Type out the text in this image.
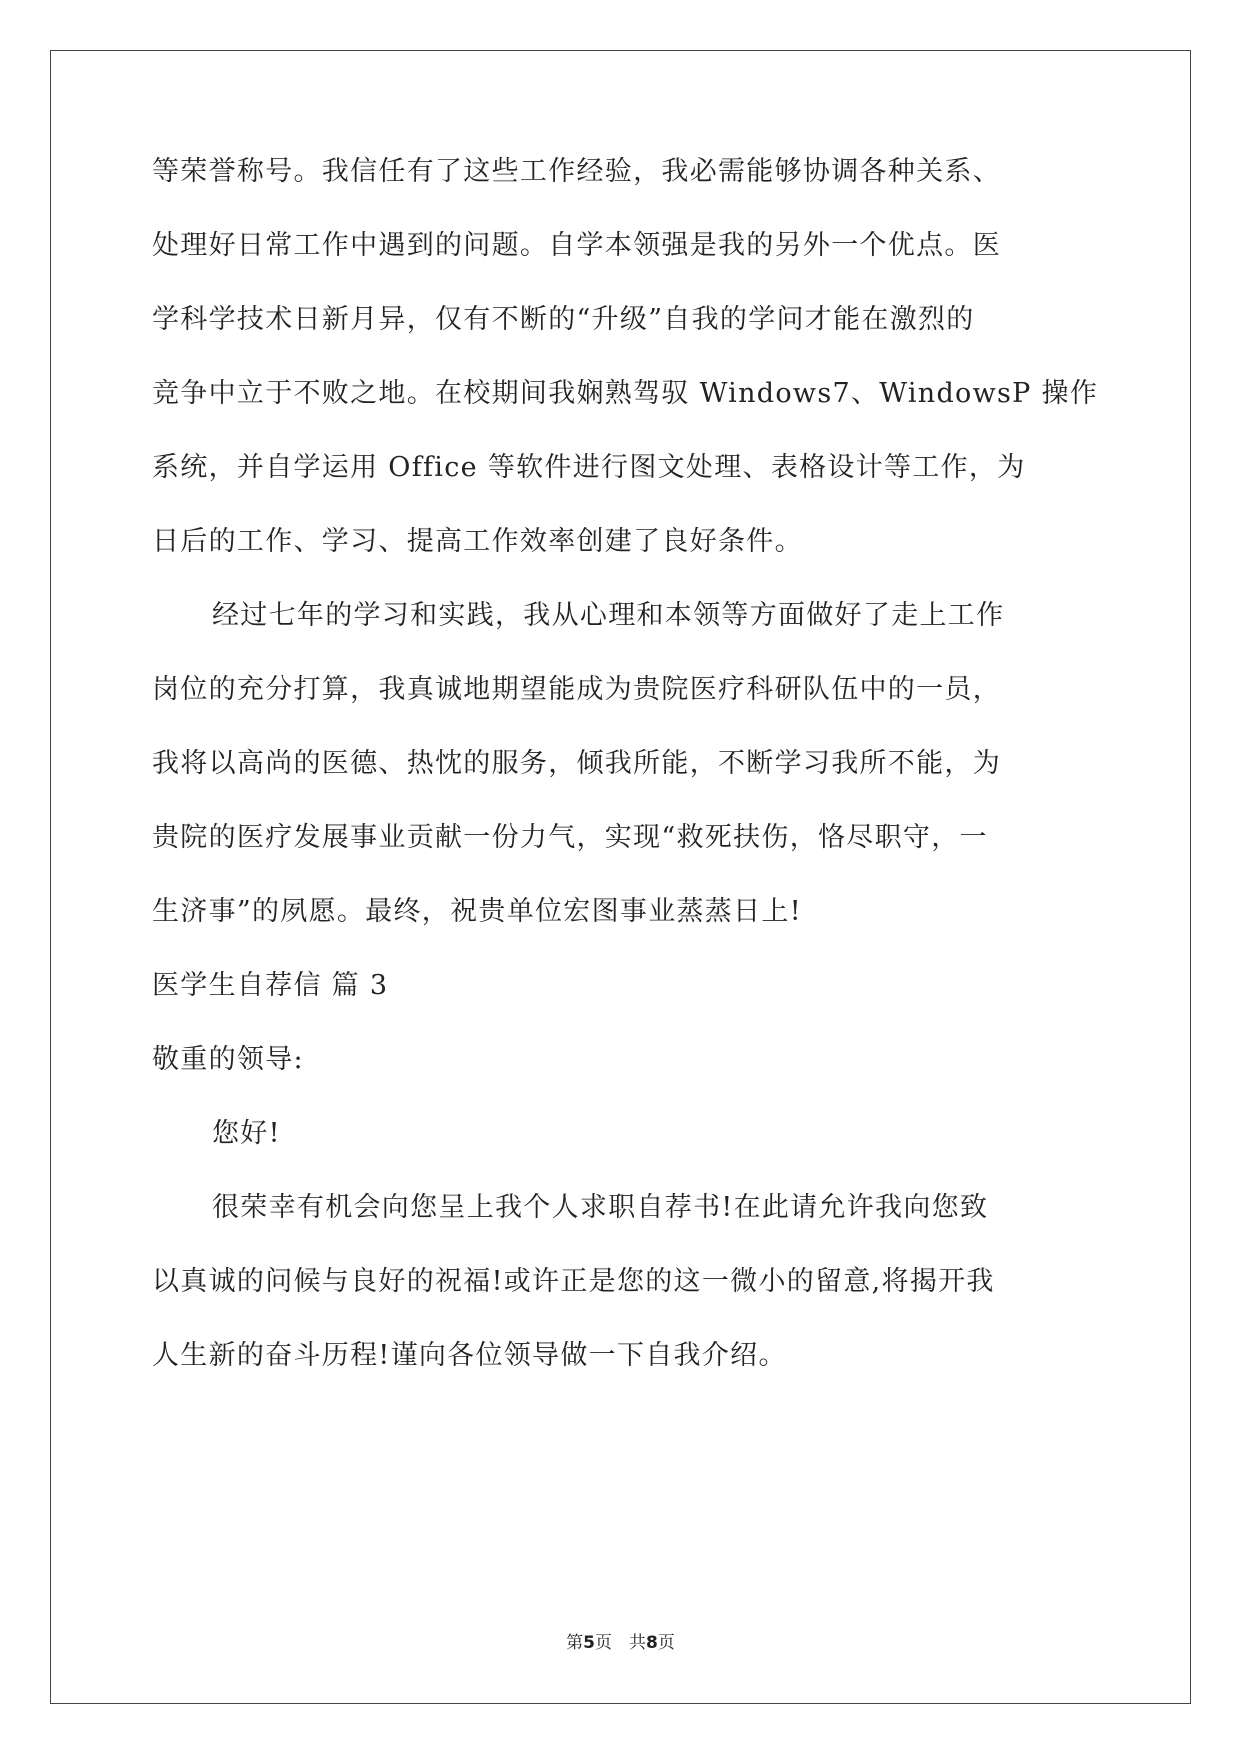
等荣誉称号。我信任有了这些工作经验，我必需能够协调各种关系、
处理好日常工作中遇到的问题。自学本领强是我的另外一个优点。医
学科学技术日新月异，仅有不断的“升级”自我的学问才能在激烈的
竞争中立于不败之地。在校期间我娴熟驾驭 Windows7、WindowsP 操作
系统，并自学运用 Office 等软件进行图文处理、表格设计等工作，为
日后的工作、学习、提高工作效率创建了良好条件。
经过七年的学习和实践，我从心理和本领等方面做好了走上工作
岗位的充分打算，我真诚地期望能成为贵院医疗科研队伍中的一员，
我将以高尚的医德、热忱的服务，倾我所能，不断学习我所不能，为
贵院的医疗发展事业贡献一份力气，实现“救死扶伤，恪尽职守，一
生济事”的夙愿。最终，祝贵单位宏图事业蒸蒸日上!
医学生自荐信 篇 3
敬重的领导:
您好!
很荣幸有机会向您呈上我个人求职自荐书!在此请允许我向您致
以真诚的问候与良好的祝福!或许正是您的这一微小的留意,将揭开我
人生新的奋斗历程!谨向各位领导做一下自我介绍。
第5页　共8页
